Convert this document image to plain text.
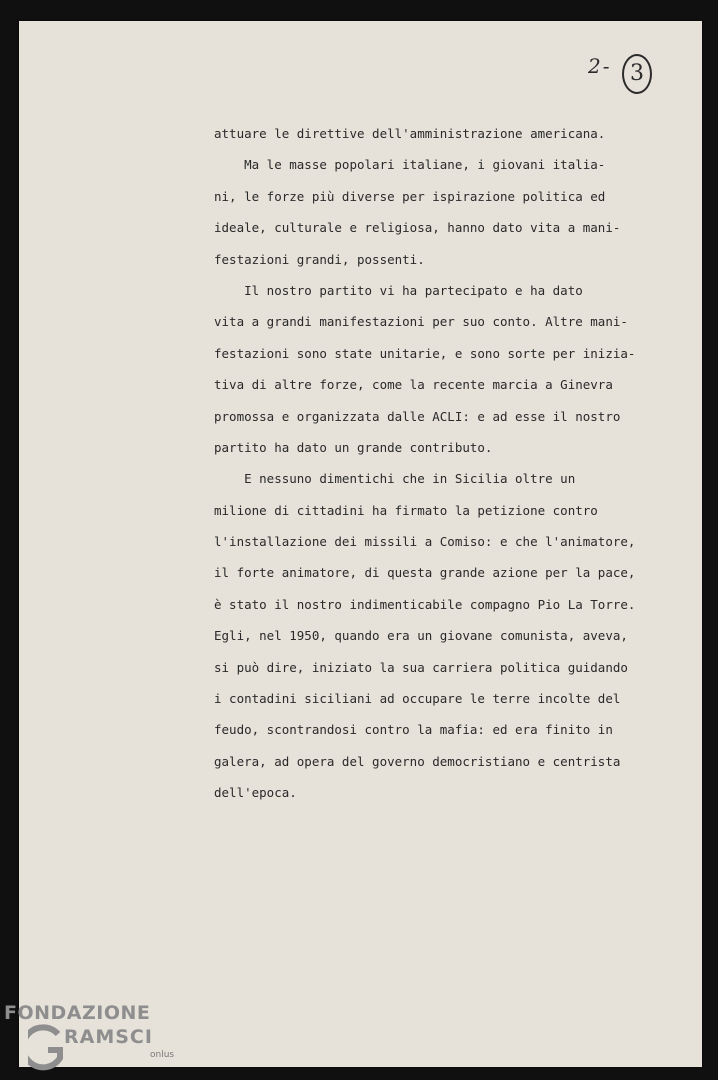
2 - 3
attuare le direttive dell'amministrazione americana.
Ma le masse popolari italiane, i giovani italia-
ni, le forze più diverse per ispirazione politica ed
ideale, culturale e religiosa, hanno dato vita a mani-
festazioni grandi, possenti.
Il nostro partito vi ha partecipato e ha dato
vita a grandi manifestazioni per suo conto. Altre mani-
festazioni sono state unitarie, e sono sorte per inizia-
tiva di altre forze, come la recente marcia a Ginevra
promossa e organizzata dalle ACLI: e ad esse il nostro
partito ha dato un grande contributo.
E nessuno dimentichi che in Sicilia oltre un
milione di cittadini ha firmato la petizione contro
l'installazione dei missili a Comiso: e che l'animatore,
il forte animatore, di questa grande azione per la pace,
è stato il nostro indimenticabile compagno Pio La Torre.
Egli, nel 1950, quando era un giovane comunista, aveva,
si può dire, iniziato la sua carriera politica guidando
i contadini siciliani ad occupare le terre incolte del
feudo, scontrandosi contro la mafia: ed era finito in
galera, ad opera del governo democristiano e centrista
dell'epoca.
FONDAZIONE
RAMSCI
onlus
